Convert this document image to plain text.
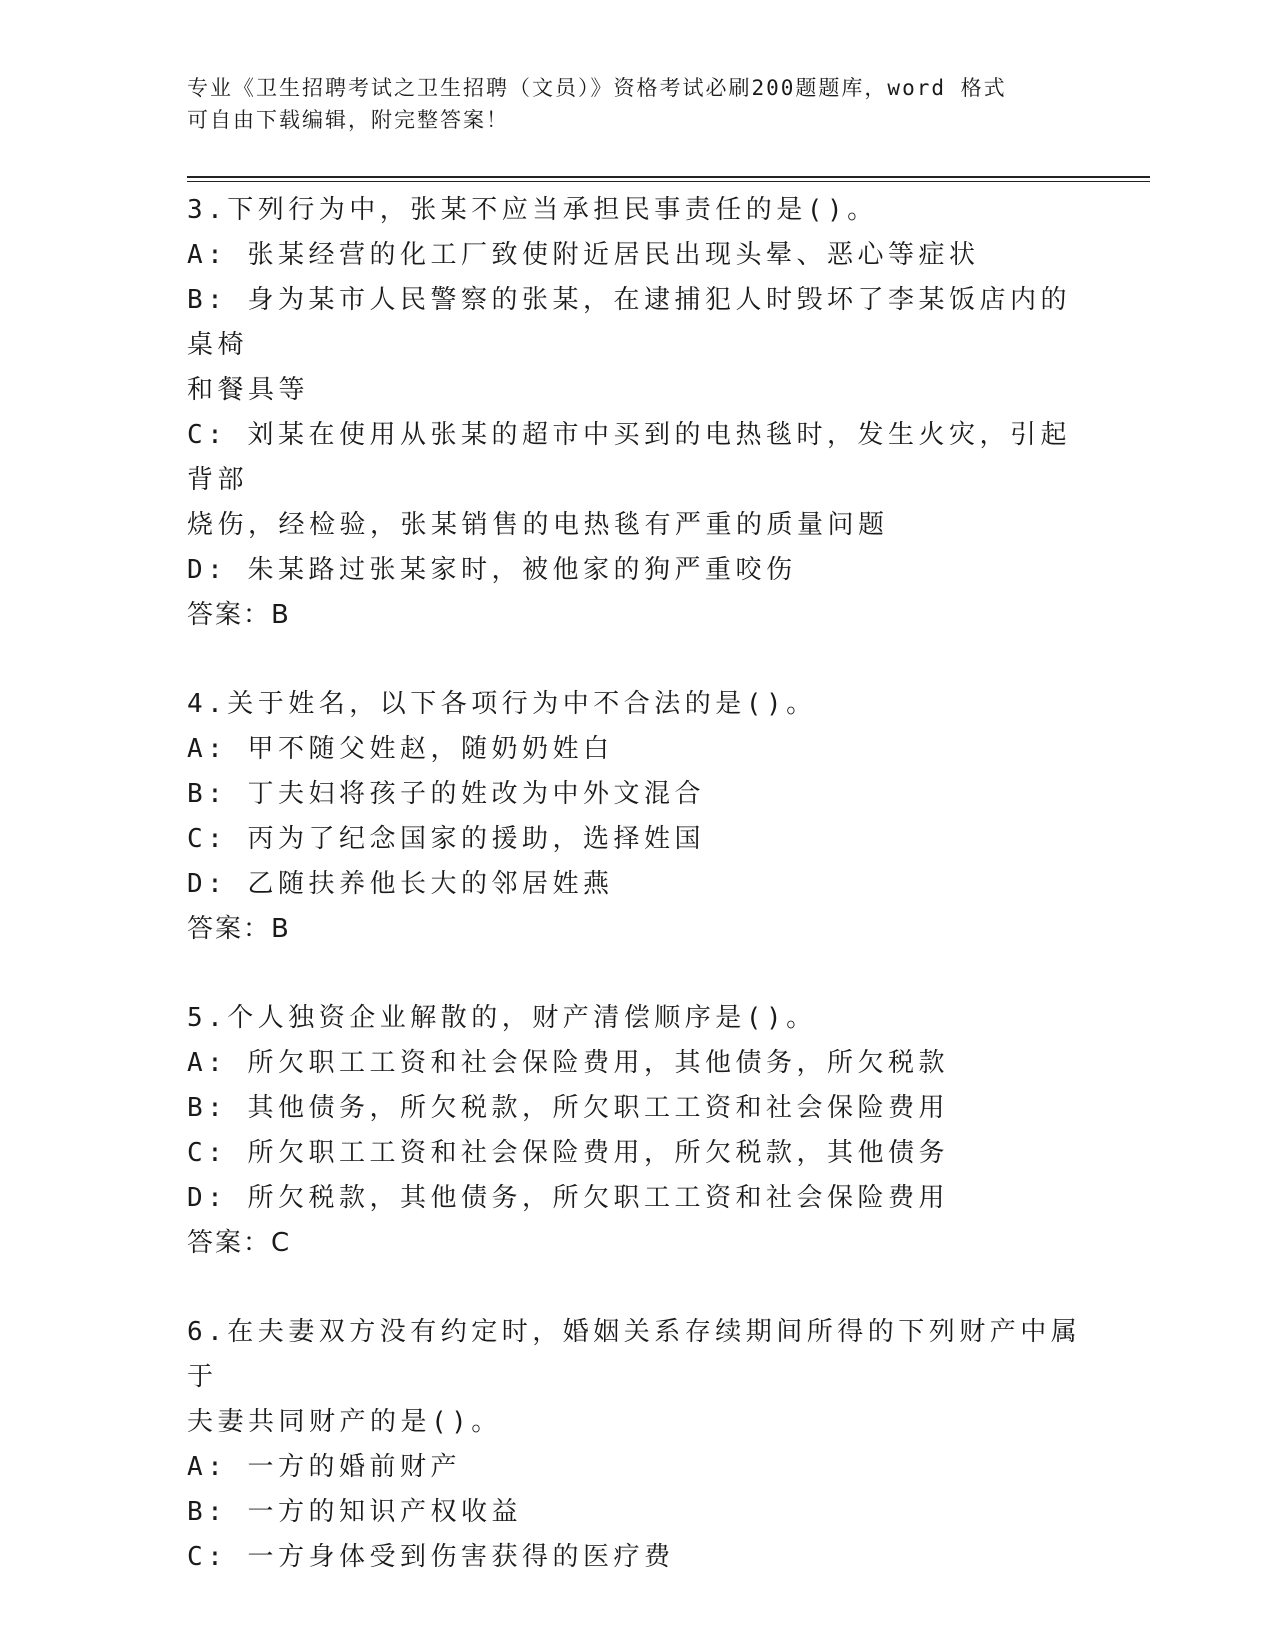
专业《卫生招聘考试之卫生招聘（文员）》资格考试必刷200题题库，word 格式
可自由下载编辑，附完整答案！
3.下列行为中，张某不应当承担民事责任的是()。
A: 张某经营的化工厂致使附近居民出现头晕、恶心等症状
B: 身为某市人民警察的张某，在逮捕犯人时毁坏了李某饭店内的桌椅
和餐具等
C: 刘某在使用从张某的超市中买到的电热毯时，发生火灾，引起背部
烧伤，经检验，张某销售的电热毯有严重的质量问题
D: 朱某路过张某家时，被他家的狗严重咬伤
答案：B
4.关于姓名，以下各项行为中不合法的是()。
A: 甲不随父姓赵，随奶奶姓白
B: 丁夫妇将孩子的姓改为中外文混合
C: 丙为了纪念国家的援助，选择姓国
D: 乙随扶养他长大的邻居姓燕
答案：B
5.个人独资企业解散的，财产清偿顺序是()。
A: 所欠职工工资和社会保险费用，其他债务，所欠税款
B: 其他债务，所欠税款，所欠职工工资和社会保险费用
C: 所欠职工工资和社会保险费用，所欠税款，其他债务
D: 所欠税款，其他债务，所欠职工工资和社会保险费用
答案：C
6.在夫妻双方没有约定时，婚姻关系存续期间所得的下列财产中属于
夫妻共同财产的是()。
A: 一方的婚前财产
B: 一方的知识产权收益
C: 一方身体受到伤害获得的医疗费
